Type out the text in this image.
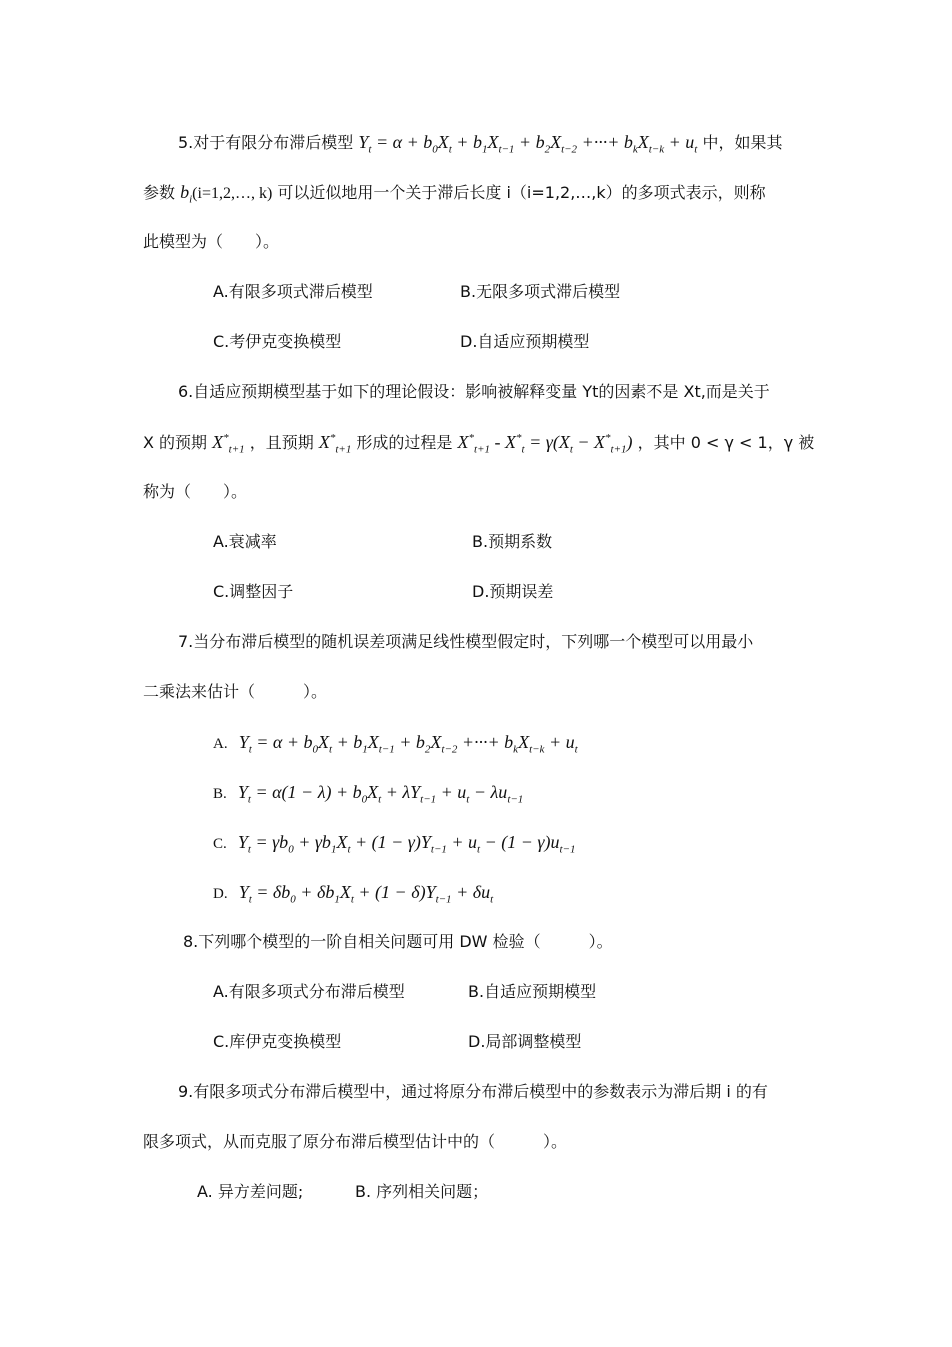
5.对于有限分布滞后模型 $Y_t = \alpha + b_0X_t + b_1X_{t-1} + b_2X_{t-2}$ +···+ $b_kX_{t-k} + u_t$ 中，如果其
参数 $b_i(i=1,2,\dots$, k) 可以近似地用一个关于滞后长度 i（i=1,2,…,k）的多项式表示，则称
此模型为（　　）。
A.有限多项式滞后模型	B.无限多项式滞后模型
C.考伊克变换模型	D.自适应预期模型
6.自适应预期模型基于如下的理论假设：影响被解释变量 Yt的因素不是 Xt,而是关于
X 的预期 $X^*_{t+1}$ ，且预期 $X^*_{t+1}$ 形成的过程是 $X^*_{t+1} - X^*_t = \gamma(X_t - X^*_{t+1})$ ，其中 0 < γ < 1，γ 被
称为（　　）。
A.衰减率	B.预期系数
C.调整因子	D.预期误差
7.当分布滞后模型的随机误差项满足线性模型假定时，下列哪一个模型可以用最小
二乘法来估计（　　　）。
A. $Y_t = \alpha + b_0X_t + b_1X_{t-1} + b_2X_{t-2}$ +···+ $b_kX_{t-k} + u_t$
B. $Y_t = \alpha(1 - \lambda) + b_0X_t + \lambda Y_{t-1} + u_t - \lambda u_{t-1}$
C. $Y_t = \gamma b_0 + \gamma b_1X_t + (1 - \gamma)Y_{t-1} + u_t - (1 - \gamma)u_{t-1}$
D. $Y_t = \delta b_0 + \delta b_1X_t + (1 - \delta)Y_{t-1} + \delta u_t$
8.下列哪个模型的一阶自相关问题可用 DW 检验（　　　）。
A.有限多项式分布滞后模型	B.自适应预期模型
C.库伊克变换模型	D.局部调整模型
9.有限多项式分布滞后模型中，通过将原分布滞后模型中的参数表示为滞后期 i 的有
限多项式，从而克服了原分布滞后模型估计中的（　　　）。
A. 异方差问题;	B. 序列相关问题；
